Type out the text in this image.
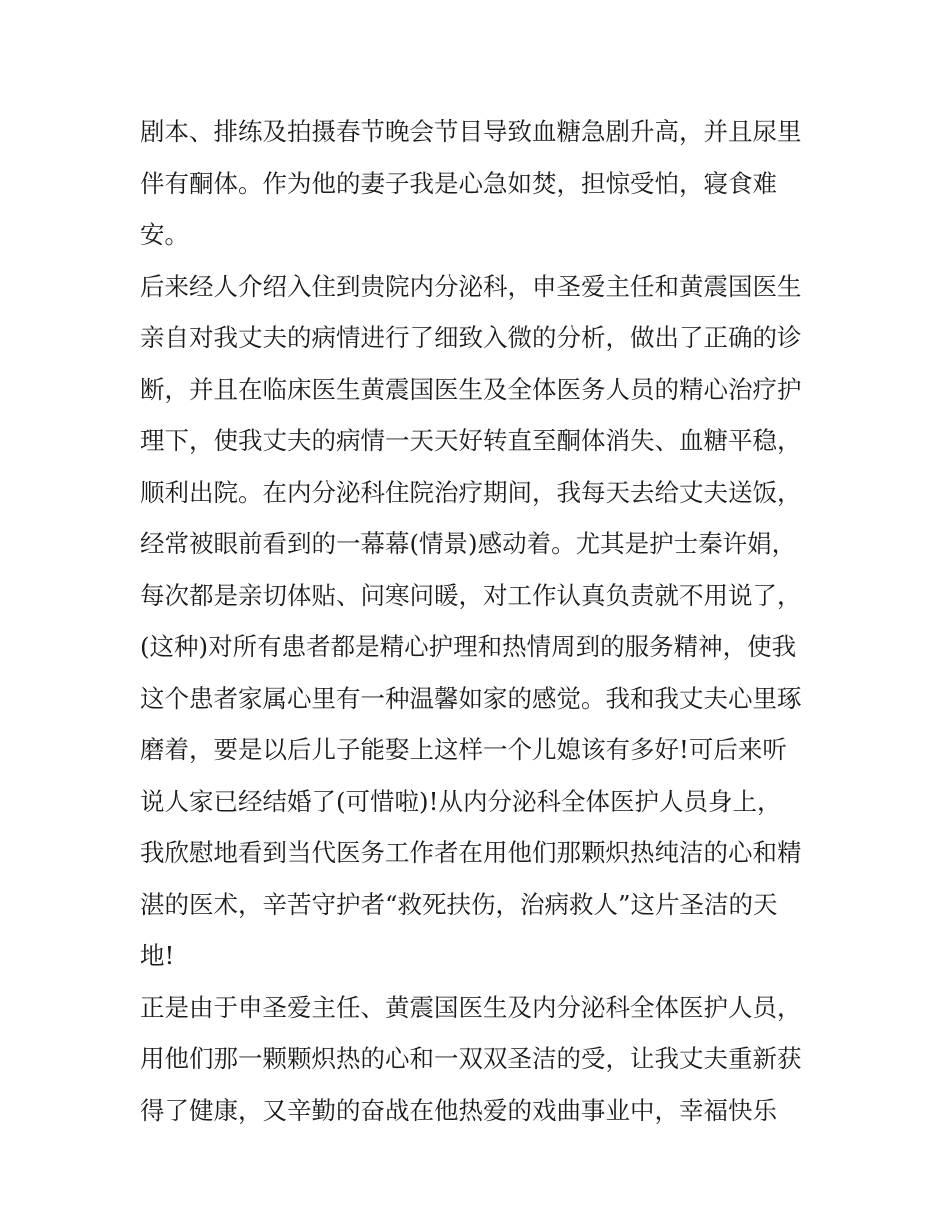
剧本、排练及拍摄春节晚会节目导致血糖急剧升高，并且尿里
伴有酮体。作为他的妻子我是心急如焚，担惊受怕，寝食难
安。
后来经人介绍入住到贵院内分泌科，申圣爱主任和黄震国医生
亲自对我丈夫的病情进行了细致入微的分析，做出了正确的诊
断，并且在临床医生黄震国医生及全体医务人员的精心治疗护
理下，使我丈夫的病情一天天好转直至酮体消失、血糖平稳，
顺利出院。在内分泌科住院治疗期间，我每天去给丈夫送饭，
经常被眼前看到的一幕幕(情景)感动着。尤其是护士秦许娟，
每次都是亲切体贴、问寒问暖，对工作认真负责就不用说了，
(这种)对所有患者都是精心护理和热情周到的服务精神，使我
这个患者家属心里有一种温馨如家的感觉。我和我丈夫心里琢
磨着，要是以后儿子能娶上这样一个儿媳该有多好!可后来听
说人家已经结婚了(可惜啦)!从内分泌科全体医护人员身上，
我欣慰地看到当代医务工作者在用他们那颗炽热纯洁的心和精
湛的医术，辛苦守护者“救死扶伤，治病救人”这片圣洁的天
地!
正是由于申圣爱主任、黄震国医生及内分泌科全体医护人员，
用他们那一颗颗炽热的心和一双双圣洁的受，让我丈夫重新获
得了健康，又辛勤的奋战在他热爱的戏曲事业中，幸福快乐
